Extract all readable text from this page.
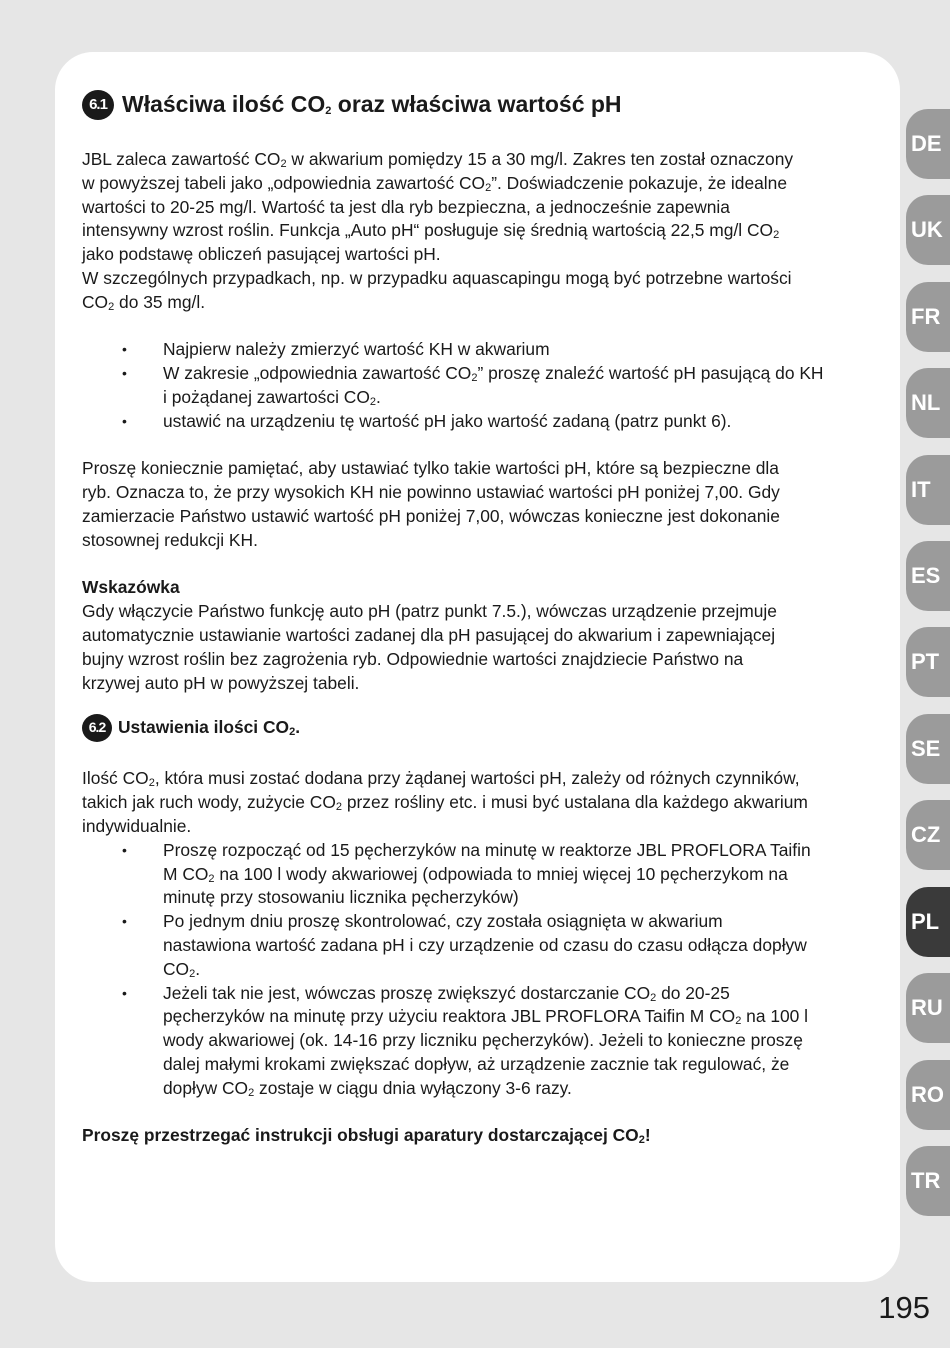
6.1 Właściwa ilość $CO_2$ oraz właściwa wartość pH

JBL zaleca zawartość $CO_2$ w akwarium pomiędzy 15 a 30 mg/l. Zakres ten został oznaczony

w powyższej tabeli jako „odpowiednia zawartość $CO_2$”. Doświadczenie pokazuje, że idealne

wartości to 20-25 mg/l. Wartość ta jest dla ryb bezpieczna, a jednocześnie zapewnia

intensywny wzrost roślin. Funkcja „Auto pH“ posługuje się średnią wartością 22,5 mg/l $CO_2$

jako podstawę obliczeń pasującej wartości pH.

W szczególnych przypadkach, np. w przypadku aquascapingu mogą być potrzebne wartości

$CO_2$ do 35 mg/l.

• Najpierw należy zmierzyć wartość KH w akwarium
• W zakresie „odpowiednia zawartość $CO_2$” proszę znaleźć wartość pH pasującą do KH
i pożądanej zawartości $CO_2$.
• ustawić na urządzeniu tę wartość pH jako wartość zadaną (patrz punkt 6).

Proszę koniecznie pamiętać, aby ustawiać tylko takie wartości pH, które są bezpieczne dla

ryb. Oznacza to, że przy wysokich KH nie powinno ustawiać wartości pH poniżej 7,00. Gdy

zamierzacie Państwo ustawić wartość pH poniżej 7,00, wówczas konieczne jest dokonanie

stosownej redukcji KH.

Wskazówka

Gdy włączycie Państwo funkcję auto pH (patrz punkt 7.5.), wówczas urządzenie przejmuje

automatycznie ustawianie wartości zadanej dla pH pasującej do akwarium i zapewniającej

bujny wzrost roślin bez zagrożenia ryb. Odpowiednie wartości znajdziecie Państwo na

krzywej auto pH w powyższej tabeli.

6.2 Ustawienia ilości $CO_2$.

Ilość $CO_2$, która musi zostać dodana przy żądanej wartości pH, zależy od różnych czynników,

takich jak ruch wody, zużycie $CO_2$ przez rośliny etc. i musi być ustalana dla każdego akwarium

indywidualnie.

• Proszę rozpocząć od 15 pęcherzyków na minutę w reaktorze JBL PROFLORA Taifin
M $CO_2$ na 100 l wody akwariowej (odpowiada to mniej więcej 10 pęcherzykom na
minutę przy stosowaniu licznika pęcherzyków)
• Po jednym dniu proszę skontrolować, czy została osiągnięta w akwarium
nastawiona wartość zadana pH i czy urządzenie od czasu do czasu odłącza dopływ
$CO_2$.
• Jeżeli tak nie jest, wówczas proszę zwiększyć dostarczanie $CO_2$ do 20-25
pęcherzyków na minutę przy użyciu reaktora JBL PROFLORA Taifin M $CO_2$ na 100 l
wody akwariowej (ok. 14-16 przy liczniku pęcherzyków). Jeżeli to konieczne proszę
dalej małymi krokami zwiększać dopływ, aż urządzenie zacznie tak regulować, że
dopływ $CO_2$ zostaje w ciągu dnia wyłączony 3-6 razy.

Proszę przestrzegać instrukcji obsługi aparatury dostarczającej $CO_2$!

DE
UK
FR
NL
IT
ES
PT
SE
CZ
PL
RU
RO
TR
195
